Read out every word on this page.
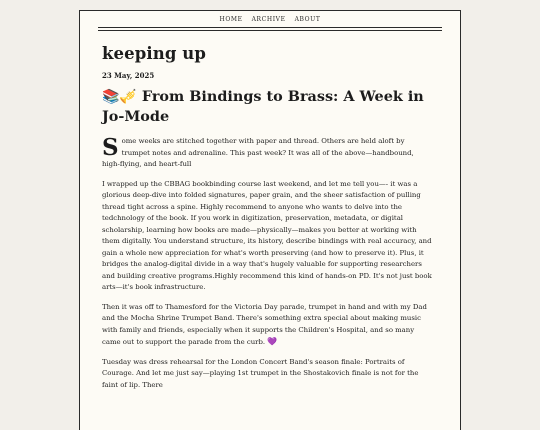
HOME ARCHIVE ABOUT
keeping up
23 May, 2025
📚🎺 From Bindings to Brass: A Week in Jo-Mode

Some weeks are stitched together with paper and thread. Others are held aloft by trumpet notes and adrenaline. This past week? It was all of the above—handbound, high-flying, and heart-full

I wrapped up the CBBAG bookbinding course last weekend, and let me tell you—- it was a glorious deep-dive into folded signatures, paper grain, and the sheer satisfaction of pulling thread tight across a spine. Highly recommend to anyone who wants to delve into the tedchnology of the book. If you work in digitization, preservation, metadata, or digital scholarship, learning how books are made—physically—makes you better at working with them digitally. You understand structure, its history, describe bindings with real accuracy, and gain a whole new appreciation for what's worth preserving (and how to preserve it). Plus, it bridges the analog-digital divide in a way that's hugely valuable for supporting researchers and building creative programs.Highly recommend this kind of hands-on PD. It's not just book arts—it's book infrastructure.

Then it was off to Thamesford for the Victoria Day parade, trumpet in hand and with my Dad and the Mocha Shrine Trumpet Band. There's something extra special about making music with family and friends, especially when it supports the Children's Hospital, and so many came out to support the parade from the curb. 💜

Tuesday was dress rehearsal for the London Concert Band's season finale: Portraits of Courage. And let me just say—playing 1st trumpet in the Shostakovich finale is not for the faint of lip. There
